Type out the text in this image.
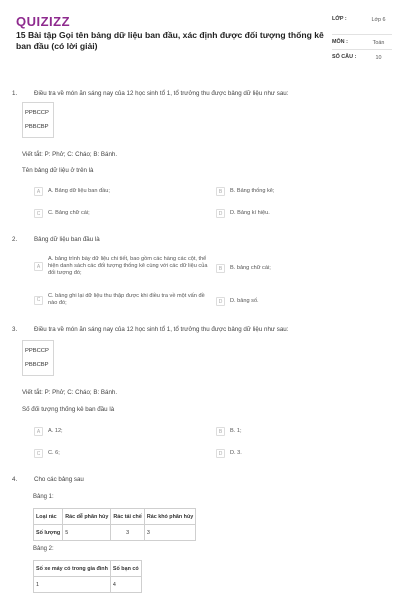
QUIZIZZ
15 Bài tập Gọi tên bảng dữ liệu ban đầu, xác định được đối tượng thống kê ban đầu (có lời giải)
LỚP :	Lớp 6
MÔN :	Toán
SỐ CÂU :	10
1.	Điều tra về món ăn sáng nay của 12 học sinh tổ 1, tổ trưởng thu được bảng dữ liệu như sau:
PPBCCP
PBBCBP
Viết tắt: P: Phở; C: Cháo; B: Bánh.
Tên bảng dữ liệu ở trên là
A	A. Bảng dữ liệu ban đầu;	B	B. Bảng thống kê;
C	C. Bảng chữ cái;	D	D. Bảng kí hiệu.
2.	Bảng dữ liệu ban đầu là
A
A. bảng trình bày dữ liệu chi tiết, bao gồm các hàng các cột, thể hiện danh sách các đối tượng thống kê cùng với các dữ liệu của đối tượng đó;
B	B. bảng chữ cái;
C
C. bảng ghi lại dữ liệu thu thập được khi điều tra về một vấn đề nào đó;	D	D. bảng số.
3.	Điều tra về món ăn sáng nay của 12 học sinh tổ 1, tổ trưởng thu được bảng dữ liệu như sau:
PPBCCP
PBBCBP
Viết tắt: P: Phở; C: Cháo; B: Bánh.
Số đối tượng thống kê ban đầu là
A	A. 12;	B	B. 1;
C	C. 6;	D	D. 3.
4.	Cho các bảng sau
Bảng 1:
Loại rác	Rác dễ phân hủy	Rác tái chế	Rác khó phân hủy
Số lượng	5	3	3
Bảng 2:
Số xe máy có trong gia đình	Số bạn có
1	4
